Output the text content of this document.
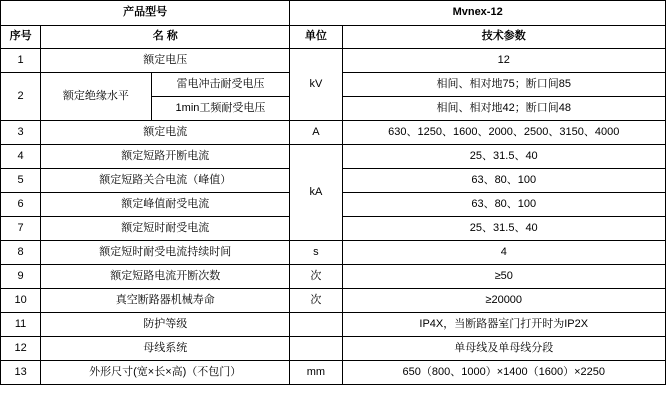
产品型号			Mvnex-12	
序号	名 称		单位	技术参数
1	额定电压		kV	12
2	额定绝缘水平	雷电冲击耐受电压		相间、相对地75；断口间85
		1min工频耐受电压		相间、相对地42；断口间48
3	额定电流		A	630、1250、1600、2000、2500、3150、4000
4	额定短路开断电流		kA	25、31.5、40
5	额定短路关合电流（峰值）			63、80、100
6	额定峰值耐受电流			63、80、100
7	额定短时耐受电流			25、31.5、40
8	额定短时耐受电流持续时间		s	4
9	额定短路电流开断次数		次	≥50
10	真空断路器机械寿命		次	≥20000
11	防护等级			IP4X，当断路器室门打开时为IP2X
12	母线系统			单母线及单母线分段
13	外形尺寸(宽×长×高)（不包门）		mm	650（800、1000）×1400（1600）×2250
